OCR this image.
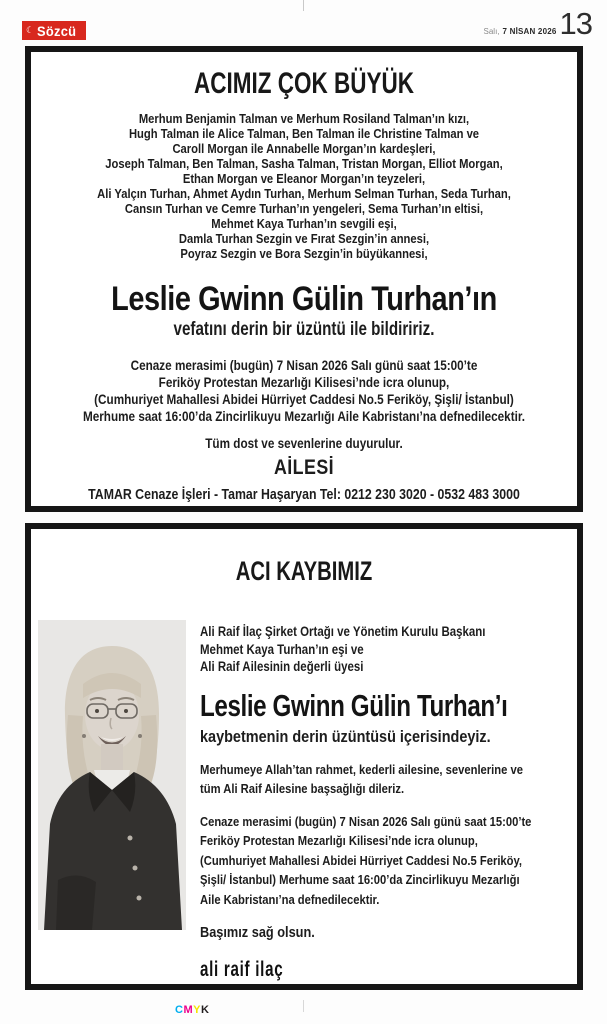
☾ Sözcü	Salı, 7 NİSAN 2026 13
ACIMIZ ÇOK BÜYÜK
Merhum Benjamin Talman ve Merhum Rosiland Talman’ın kızı,
Hugh Talman ile Alice Talman, Ben Talman ile Christine Talman ve
Caroll Morgan ile Annabelle Morgan’ın kardeşleri,
Joseph Talman, Ben Talman, Sasha Talman, Tristan Morgan, Elliot Morgan,
Ethan Morgan ve Eleanor Morgan’ın teyzeleri,
Ali Yalçın Turhan, Ahmet Aydın Turhan, Merhum Selman Turhan, Seda Turhan,
Cansın Turhan ve Cemre Turhan’ın yengeleri, Sema Turhan’ın eltisi,
Mehmet Kaya Turhan’ın sevgili eşi,
Damla Turhan Sezgin ve Fırat Sezgin’in annesi,
Poyraz Sezgin ve Bora Sezgin’in büyükannesi,
Leslie Gwinn Gülin Turhan’ın
vefatını derin bir üzüntü ile bildiririz.
Cenaze merasimi (bugün) 7 Nisan 2026 Salı günü saat 15:00’te
Feriköy Protestan Mezarlığı Kilisesi’nde icra olunup,
(Cumhuriyet Mahallesi Abidei Hürriyet Caddesi No.5 Feriköy, Şişli/ İstanbul)
Merhume saat 16:00’da Zincirlikuyu Mezarlığı Aile Kabristanı’na defnedilecektir.
Tüm dost ve sevenlerine duyurulur.
AİLESİ
TAMAR Cenaze İşleri - Tamar Haşaryan Tel: 0212 230 3020 - 0532 483 3000
ACI KAYBIMIZ
Ali Raif İlaç Şirket Ortağı ve Yönetim Kurulu Başkanı
Mehmet Kaya Turhan’ın eşi ve
Ali Raif Ailesinin değerli üyesi
Leslie Gwinn Gülin Turhan’ı
kaybetmenin derin üzüntüsü içerisindeyiz.
Merhumeye Allah’tan rahmet, kederli ailesine, sevenlerine ve
tüm Ali Raif Ailesine başsağlığı dileriz.
Cenaze merasimi (bugün) 7 Nisan 2026 Salı günü saat 15:00’te
Feriköy Protestan Mezarlığı Kilisesi’nde icra olunup,
(Cumhuriyet Mahallesi Abidei Hürriyet Caddesi No.5 Feriköy,
Şişli/ İstanbul) Merhume saat 16:00’da Zincirlikuyu Mezarlığı
Aile Kabristanı’na defnedilecektir.
Başımız sağ olsun.
ali raif ilaç
CMYK
